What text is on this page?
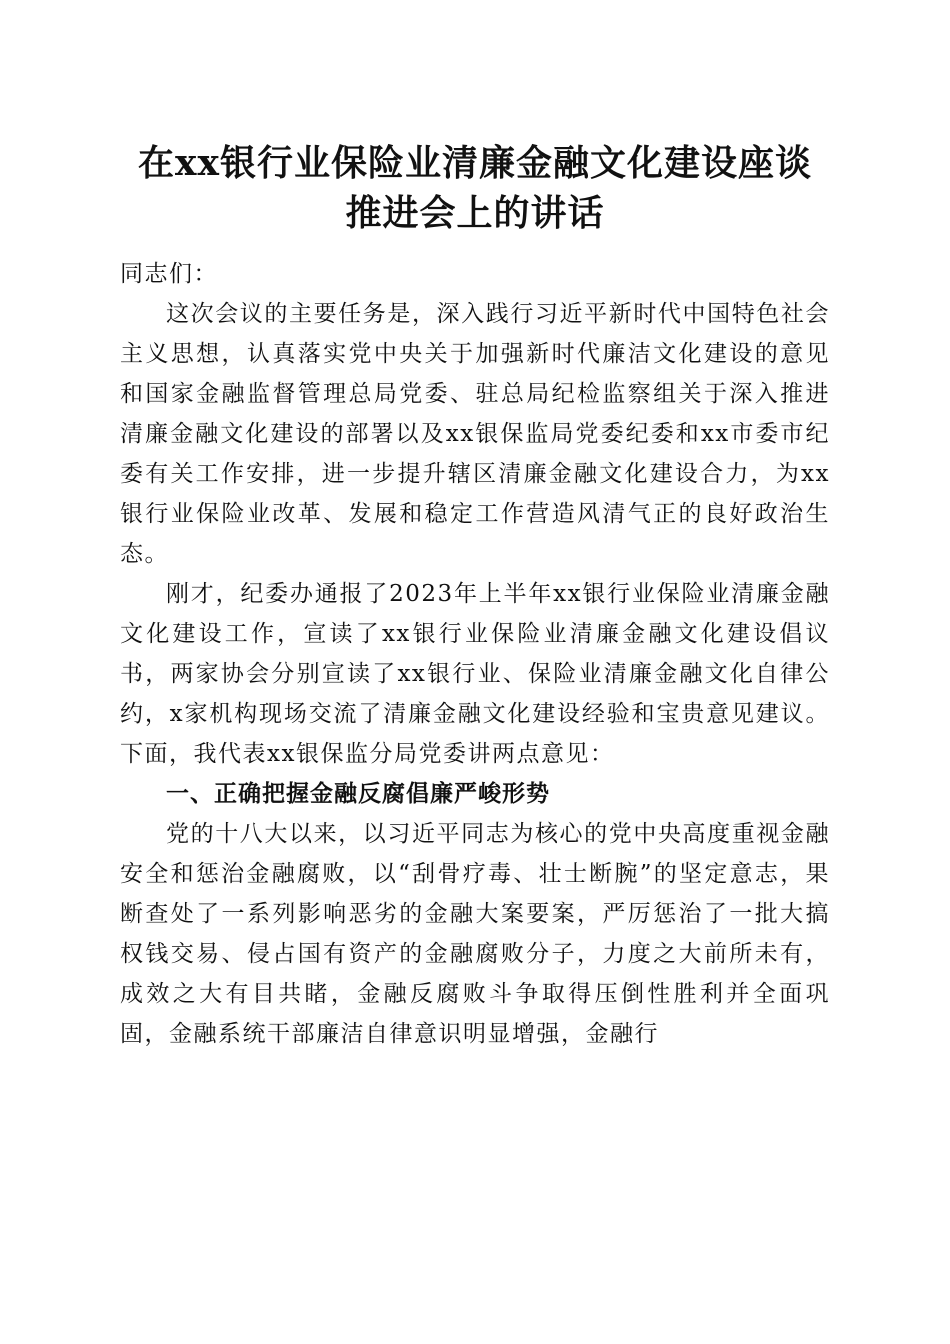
在xx银行业保险业清廉金融文化建设座谈推进会上的讲话

同志们：

这次会议的主要任务是，深入践行习近平新时代中国特色社会主义思想，认真落实党中央关于加强新时代廉洁文化建设的意见和国家金融监督管理总局党委、驻总局纪检监察组关于深入推进清廉金融文化建设的部署以及xx银保监局党委纪委和xx市委市纪委有关工作安排，进一步提升辖区清廉金融文化建设合力，为xx银行业保险业改革、发展和稳定工作营造风清气正的良好政治生态。

刚才，纪委办通报了2023年上半年xx银行业保险业清廉金融文化建设工作，宣读了xx银行业保险业清廉金融文化建设倡议书，两家协会分别宣读了xx银行业、保险业清廉金融文化自律公约，x家机构现场交流了清廉金融文化建设经验和宝贵意见建议。下面，我代表xx银保监分局党委讲两点意见：

一、正确把握金融反腐倡廉严峻形势

党的十八大以来，以习近平同志为核心的党中央高度重视金融安全和惩治金融腐败，以“刮骨疗毒、壮士断腕”的坚定意志，果断查处了一系列影响恶劣的金融大案要案，严厉惩治了一批大搞权钱交易、侵占国有资产的金融腐败分子，力度之大前所未有，成效之大有目共睹，金融反腐败斗争取得压倒性胜利并全面巩固，金融系统干部廉洁自律意识明显增强，金融行
